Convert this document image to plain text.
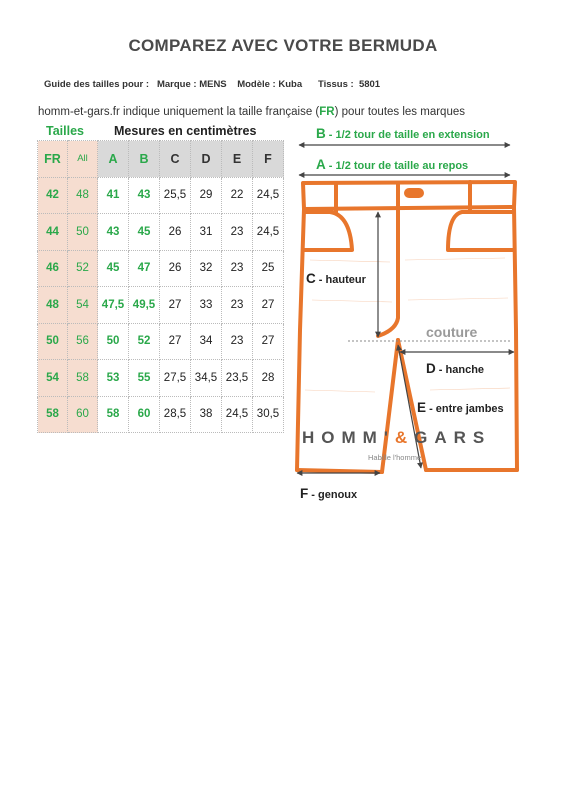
COMPAREZ AVEC VOTRE BERMUDA
Guide des tailles pour :   Marque : MENS    Modèle : Kuba      Tissus :  5801
homm-et-gars.fr indique uniquement la taille française (FR) pour toutes les marques
Tailles Mesures en centimètres
FR	All	A	B	C	D	E	F
42	48	41	43	25,5	29	22	24,5
44	50	43	45	26	31	23	24,5
46	52	45	47	26	32	23	25
48	54	47,5	49,5	27	33	23	27
50	56	50	52	27	34	23	27
54	58	53	55	27,5	34,5	23,5	28
58	60	58	60	28,5	38	24,5	30,5
B - 1/2 tour de taille en extension
A - 1/2 tour de taille au repos
C - hauteur
couture
D - hanche
E - entre jambes
F - genoux
HOMM'&GARS
Habille l'homme
